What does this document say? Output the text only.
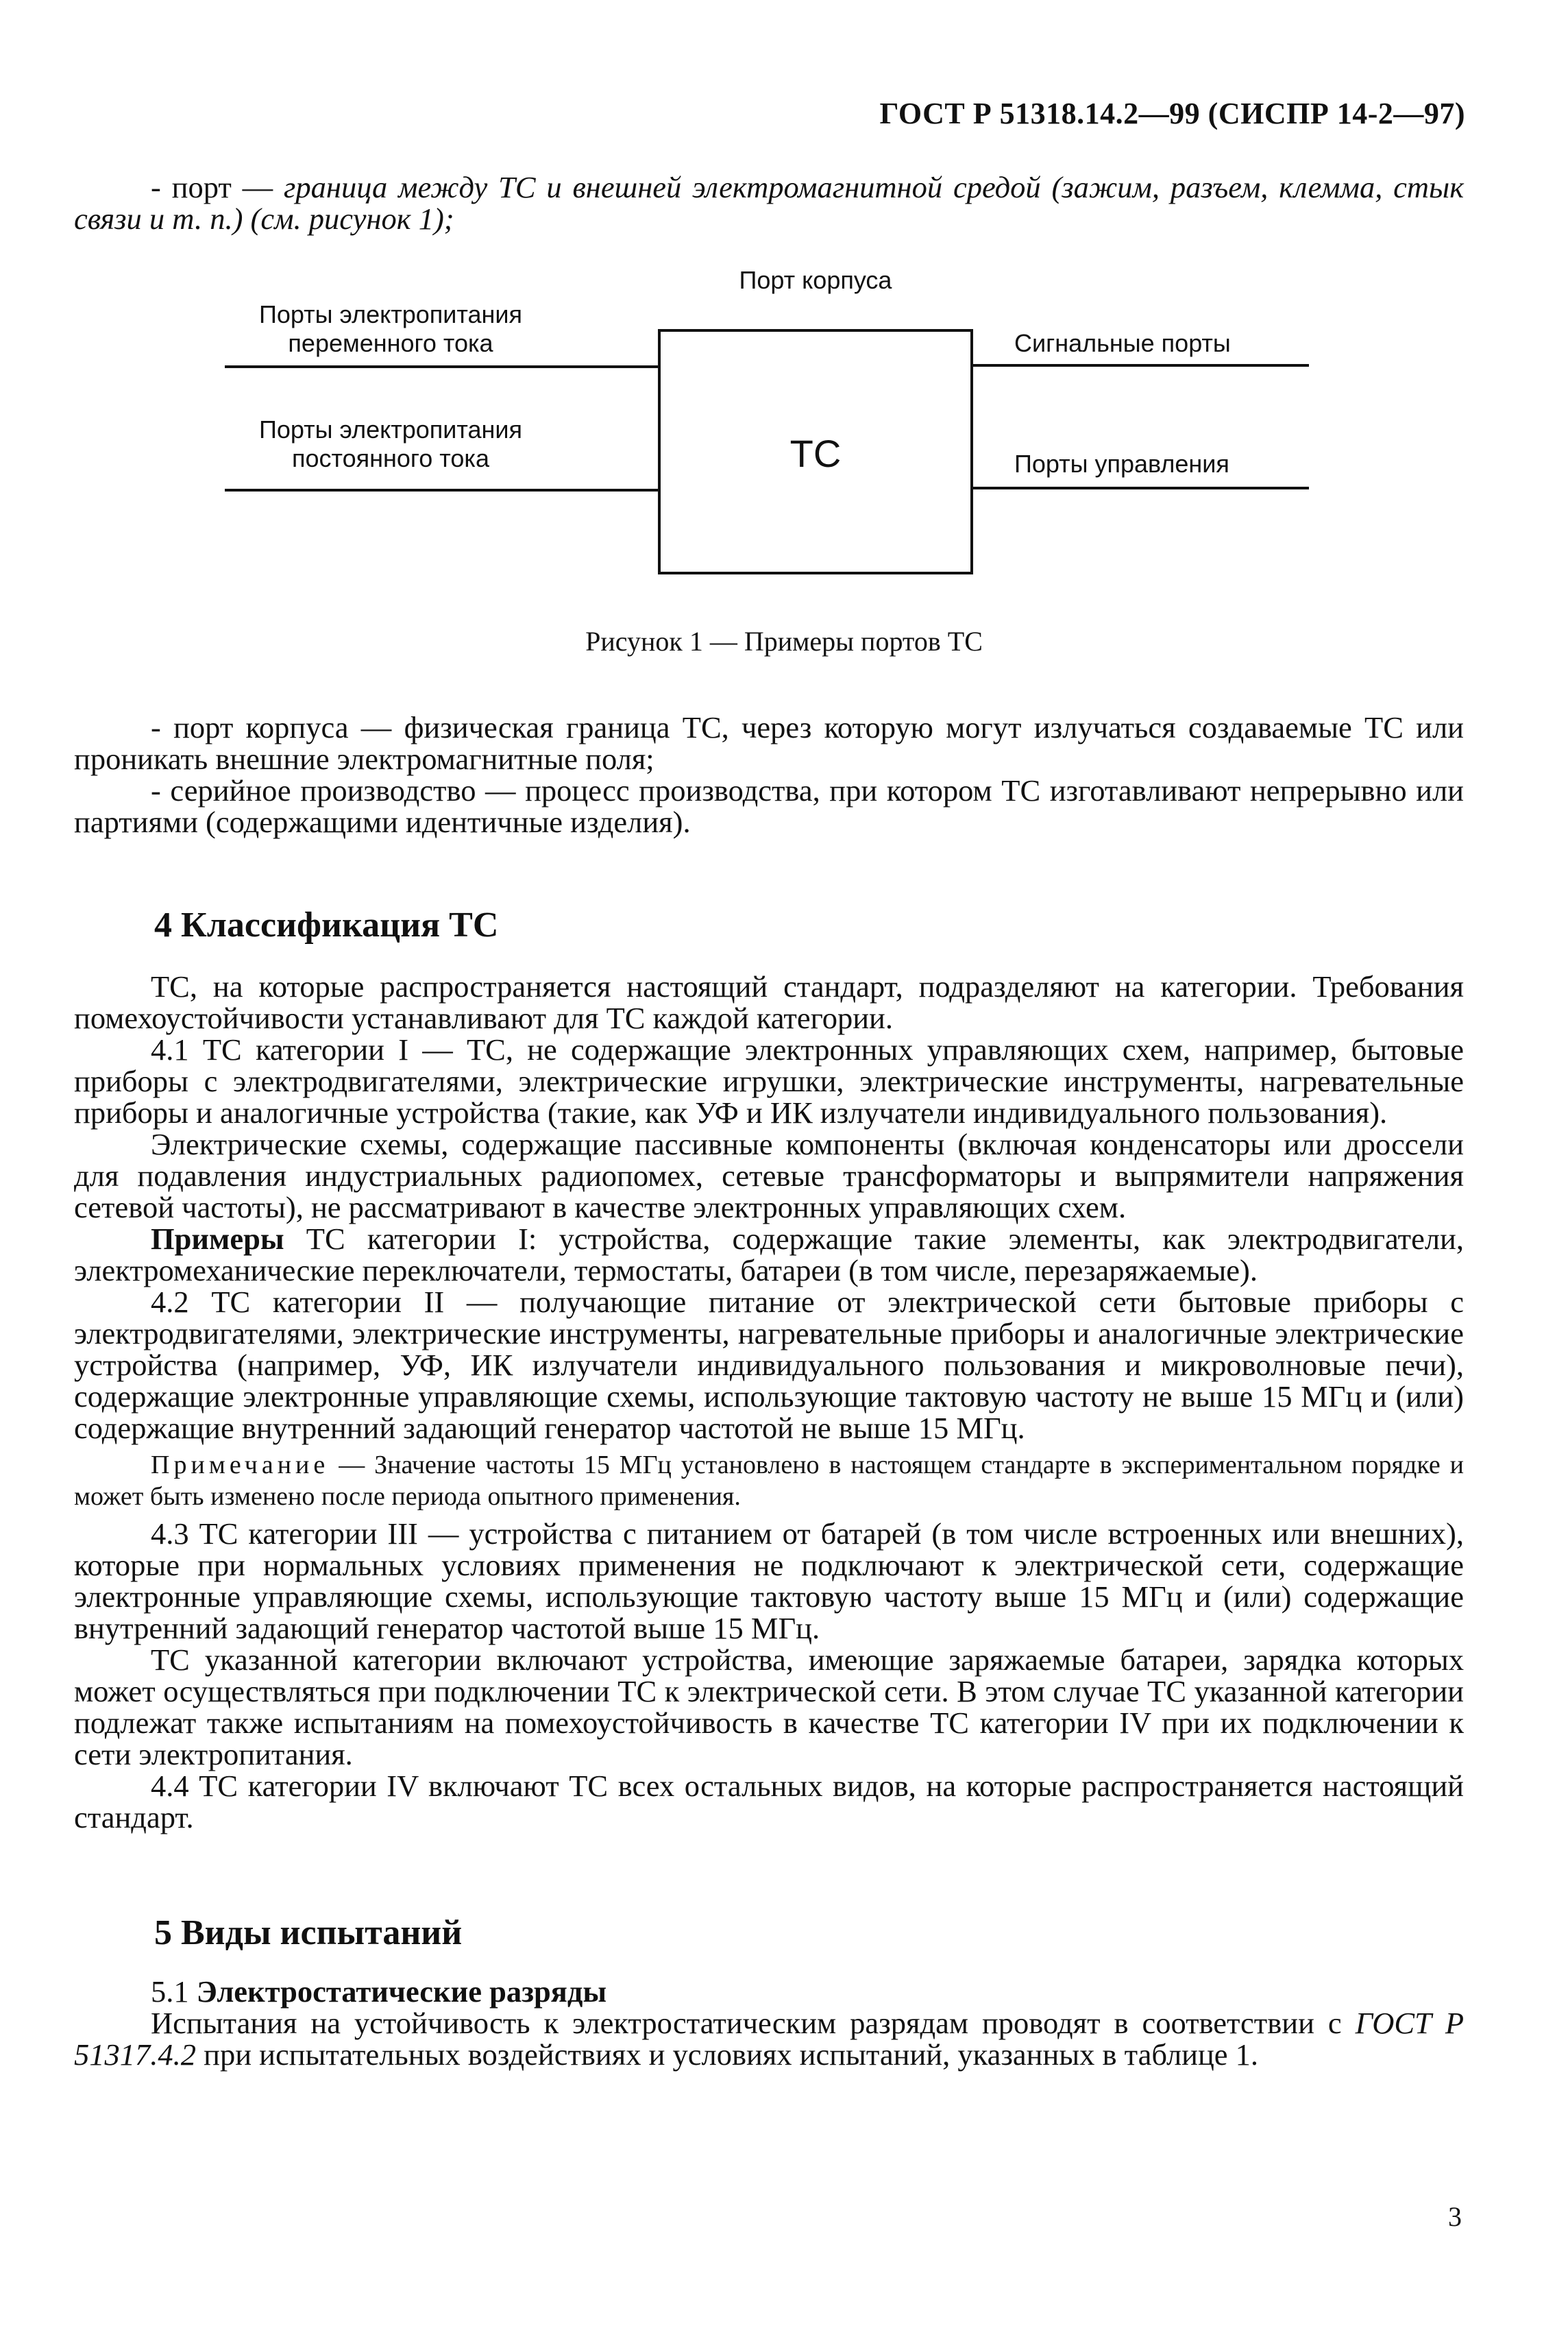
ГОСТ Р 51318.14.2—99 (СИСПР 14-2—97)

- порт — граница между ТС и внешней электромагнитной средой (зажим, разъем, клемма, стык связи и т. п.) (см. рисунок 1);

Порт корпуса
Порты электропитания переменного тока
Порты электропитания постоянного тока	ТС
Сигнальные порты
Порты управления
Рисунок 1 — Примеры портов ТС

- порт корпуса — физическая граница ТС, через которую могут излучаться создаваемые ТС или проникать внешние электромагнитные поля;

- серийное производство — процесс производства, при котором ТС изготавливают непрерывно или партиями (содержащими идентичные изделия).

4 Классификация ТС

ТС, на которые распространяется настоящий стандарт, подразделяют на категории. Требования помехоустойчивости устанавливают для ТС каждой категории.

4.1 ТС категории I — ТС, не содержащие электронных управляющих схем, например, бытовые приборы с электродвигателями, электрические игрушки, электрические инструменты, нагревательные приборы и аналогичные устройства (такие, как УФ и ИК излучатели индивидуального пользования).

Электрические схемы, содержащие пассивные компоненты (включая конденсаторы или дроссели для подавления индустриальных радиопомех, сетевые трансформаторы и выпрямители напряжения сетевой частоты), не рассматривают в качестве электронных управляющих схем.

Примеры ТС категории I: устройства, содержащие такие элементы, как электродвигатели, электромеханические переключатели, термостаты, батареи (в том числе, перезаряжаемые).

4.2 ТС категории II — получающие питание от электрической сети бытовые приборы с электродвигателями, электрические инструменты, нагревательные приборы и аналогичные электрические устройства (например, УФ, ИК излучатели индивидуального пользования и микроволновые печи), содержащие электронные управляющие схемы, использующие тактовую частоту не выше 15 МГц и (или) содержащие внутренний задающий генератор частотой не выше 15 МГц.

Примечание — Значение частоты 15 МГц установлено в настоящем стандарте в экспериментальном порядке и может быть изменено после периода опытного применения.

4.3 ТС категории III — устройства с питанием от батарей (в том числе встроенных или внешних), которые при нормальных условиях применения не подключают к электрической сети, содержащие электронные управляющие схемы, использующие тактовую частоту выше 15 МГц и (или) содержащие внутренний задающий генератор частотой выше 15 МГц.

ТС указанной категории включают устройства, имеющие заряжаемые батареи, зарядка которых может осуществляться при подключении ТС к электрической сети. В этом случае ТС указанной категории подлежат также испытаниям на помехоустойчивость в качестве ТС категории IV при их подключении к сети электропитания.

4.4 ТС категории IV включают ТС всех остальных видов, на которые распространяется настоящий стандарт.

5 Виды испытаний

5.1 Электростатические разряды

Испытания на устойчивость к электростатическим разрядам проводят в соответствии с ГОСТ Р 51317.4.2 при испытательных воздействиях и условиях испытаний, указанных в таблице 1.

3
